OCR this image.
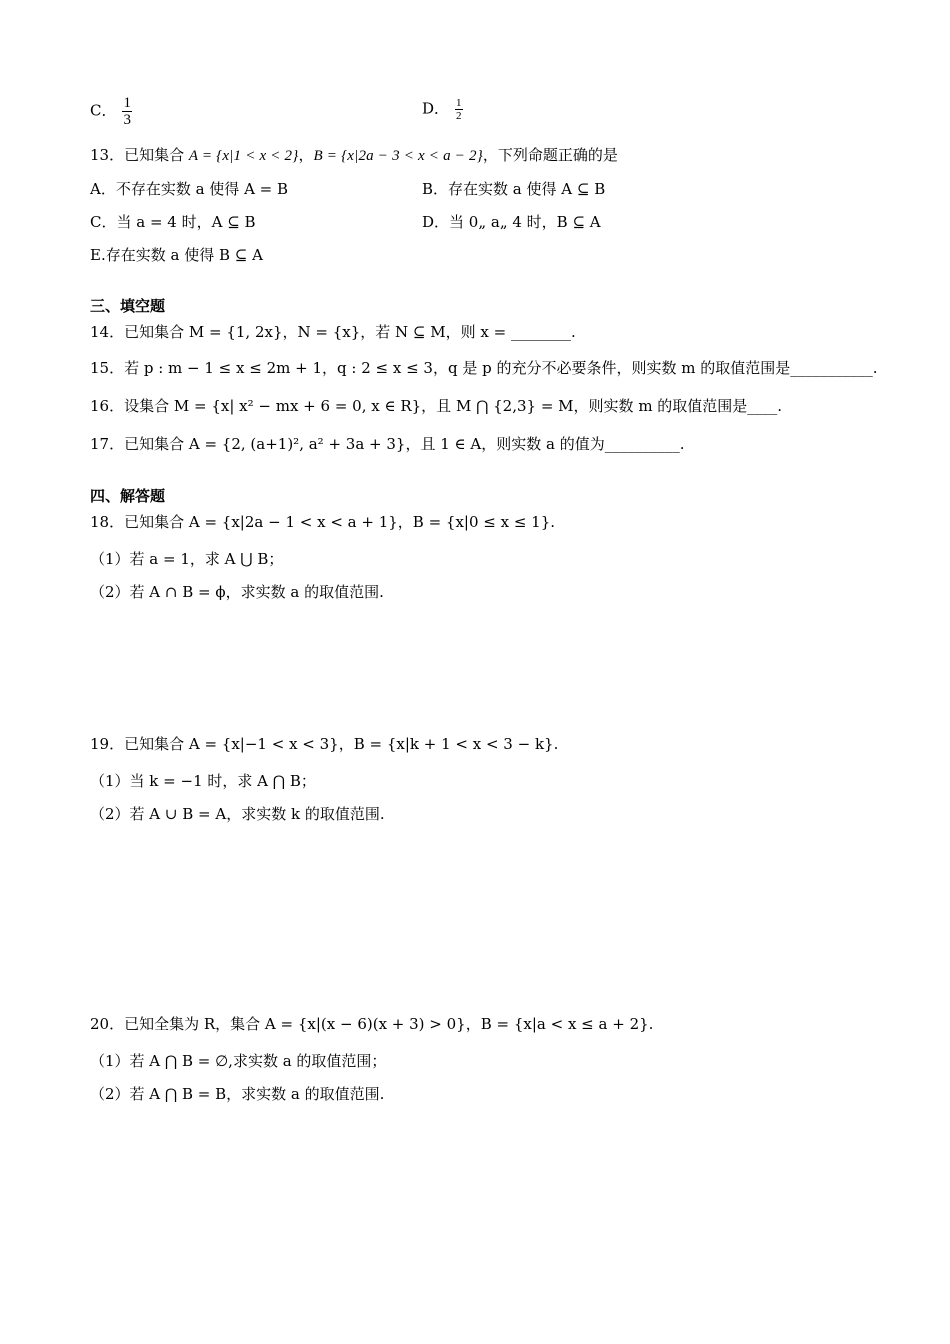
C． $\frac{1}{3}$	D． $\frac{1}{2}$
13．已知集合 A = {x|1 < x < 2}，B = {x|2a − 3 < x < a − 2}，下列命题正确的是
A．不存在实数 a 使得 A = B	B．存在实数 a 使得 A ⊆ B
C．当 a = 4 时，A ⊆ B	D．当 0„ a„ 4 时，B ⊆ A
E.存在实数 a 使得 B ⊆ A
三、填空题
14．已知集合 M = {1, 2x}，N = {x}，若 N ⊆ M，则 x = ________.
15．若 p : m − 1 ≤ x ≤ 2m + 1，q : 2 ≤ x ≤ 3，q 是 p 的充分不必要条件，则实数 m 的取值范围是___________.
16．设集合 M = {x| x² − mx + 6 = 0, x ∈ R}，且 M ⋂ {2,3} = M，则实数 m 的取值范围是____.
17．已知集合 A = {2, (a+1)², a² + 3a + 3}，且 1 ∈ A，则实数 a 的值为__________.
四、解答题
18．已知集合 A = {x|2a − 1 < x < a + 1}，B = {x|0 ≤ x ≤ 1}.
（1）若 a = 1，求 A ⋃ B；
（2）若 A ∩ B = ϕ，求实数 a 的取值范围.
19．已知集合 A = {x|−1 < x < 3}，B = {x|k + 1 < x < 3 − k}.
（1）当 k = −1 时，求 A ⋂ B；
（2）若 A ∪ B = A，求实数 k 的取值范围.
20．已知全集为 R，集合 A = {x|(x − 6)(x + 3) > 0}，B = {x|a < x ≤ a + 2}.
（1）若 A ⋂ B = ∅,求实数 a 的取值范围；
（2）若 A ⋂ B = B，求实数 a 的取值范围.
